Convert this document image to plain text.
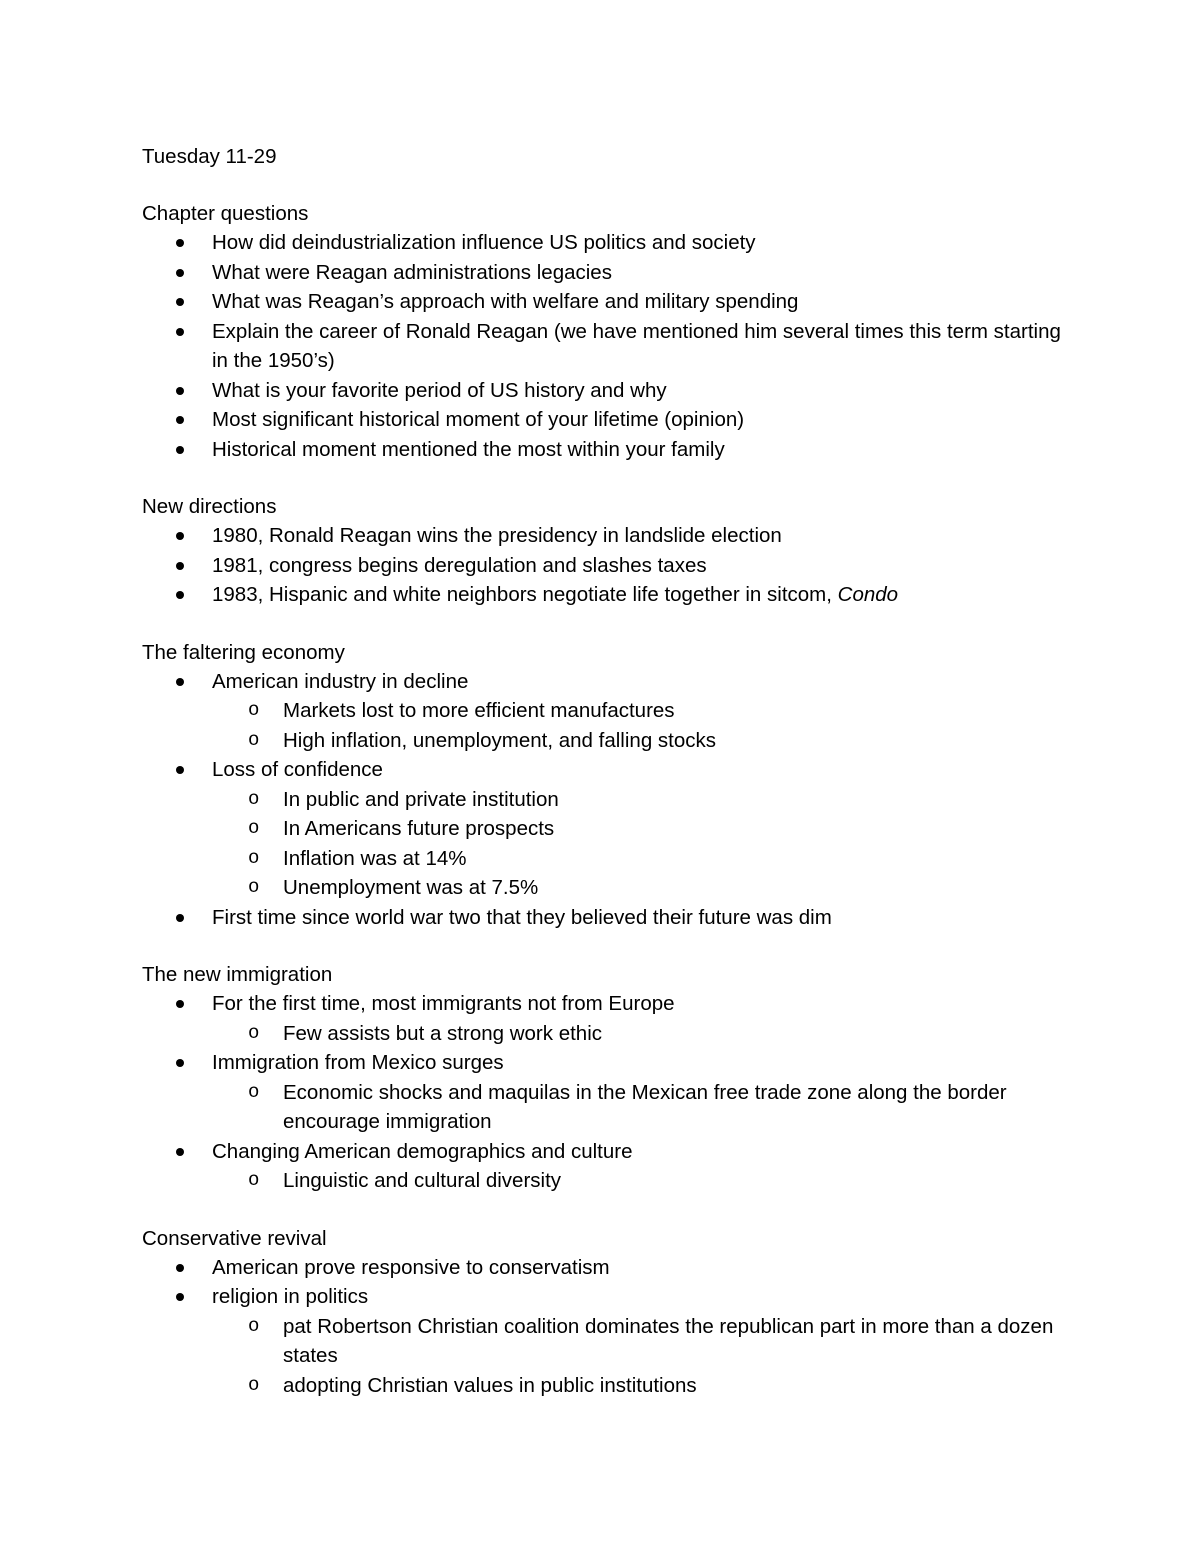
Tuesday 11-29
Chapter questions
How did deindustrialization influence US politics and society
What were Reagan administrations legacies
What was Reagan’s approach with welfare and military spending
Explain the career of Ronald Reagan (we have mentioned him several times this term starting in the 1950’s)
What is your favorite period of US history and why
Most significant historical moment of your lifetime (opinion)
Historical moment mentioned the most within your family
New directions
1980, Ronald Reagan wins the presidency in landslide election
1981, congress begins deregulation and slashes taxes
1983, Hispanic and white neighbors negotiate life together in sitcom, Condo
The faltering economy
American industry in decline
o Markets lost to more efficient manufactures
o High inflation, unemployment, and falling stocks
Loss of confidence
o In public and private institution
o In Americans future prospects
o Inflation was at 14%
o Unemployment was at 7.5%
First time since world war two that they believed their future was dim
The new immigration
For the first time, most immigrants not from Europe
o Few assists but a strong work ethic
Immigration from Mexico surges
o Economic shocks and maquilas in the Mexican free trade zone along the border encourage immigration
Changing American demographics and culture
o Linguistic and cultural diversity
Conservative revival
American prove responsive to conservatism
religion in politics
o pat Robertson Christian coalition dominates the republican part in more than a dozen states
o adopting Christian values in public institutions
